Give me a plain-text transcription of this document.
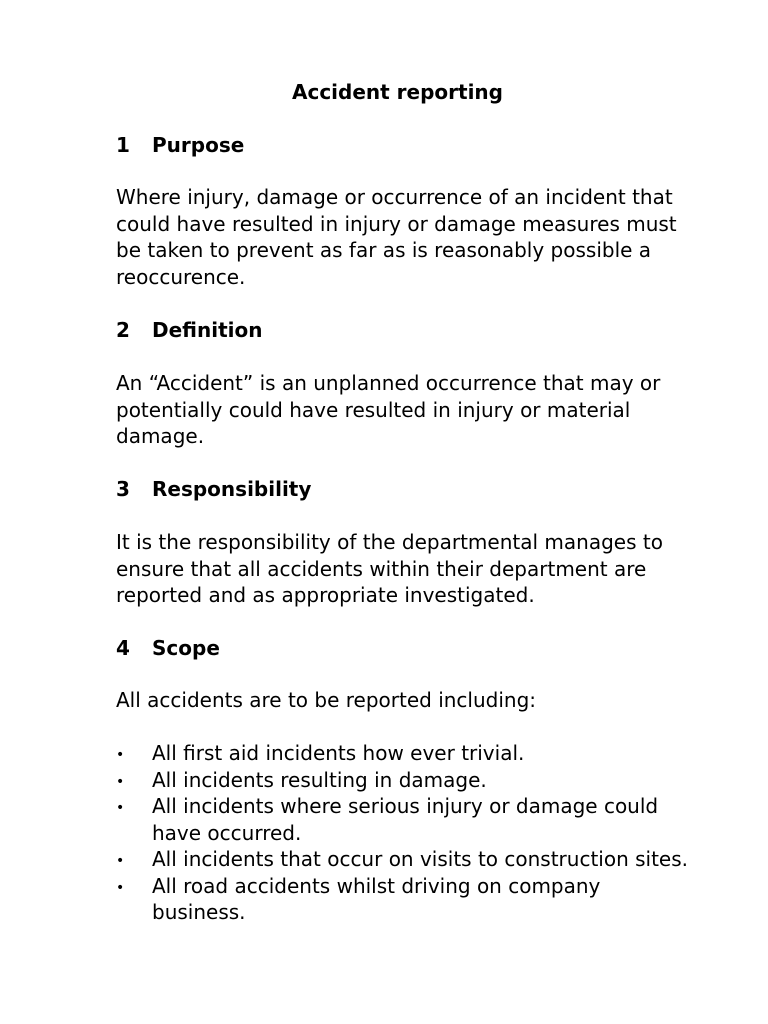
Accident reporting
1 Purpose

Where injury, damage or occurrence of an incident that could have resulted in injury or damage measures must be taken to prevent as far as is reasonably possible a reoccurence.

2 Definition

An “Accident” is an unplanned occurrence that may or potentially could have resulted in injury or material damage.

3 Responsibility

It is the responsibility of the departmental manages to ensure that all accidents within their department are reported and as appropriate investigated.

4 Scope

All accidents are to be reported including:

• All first aid incidents how ever trivial.
• All incidents resulting in damage.
• All incidents where serious injury or damage could have occurred.
• All incidents that occur on visits to construction sites.
• All road accidents whilst driving on company business.
